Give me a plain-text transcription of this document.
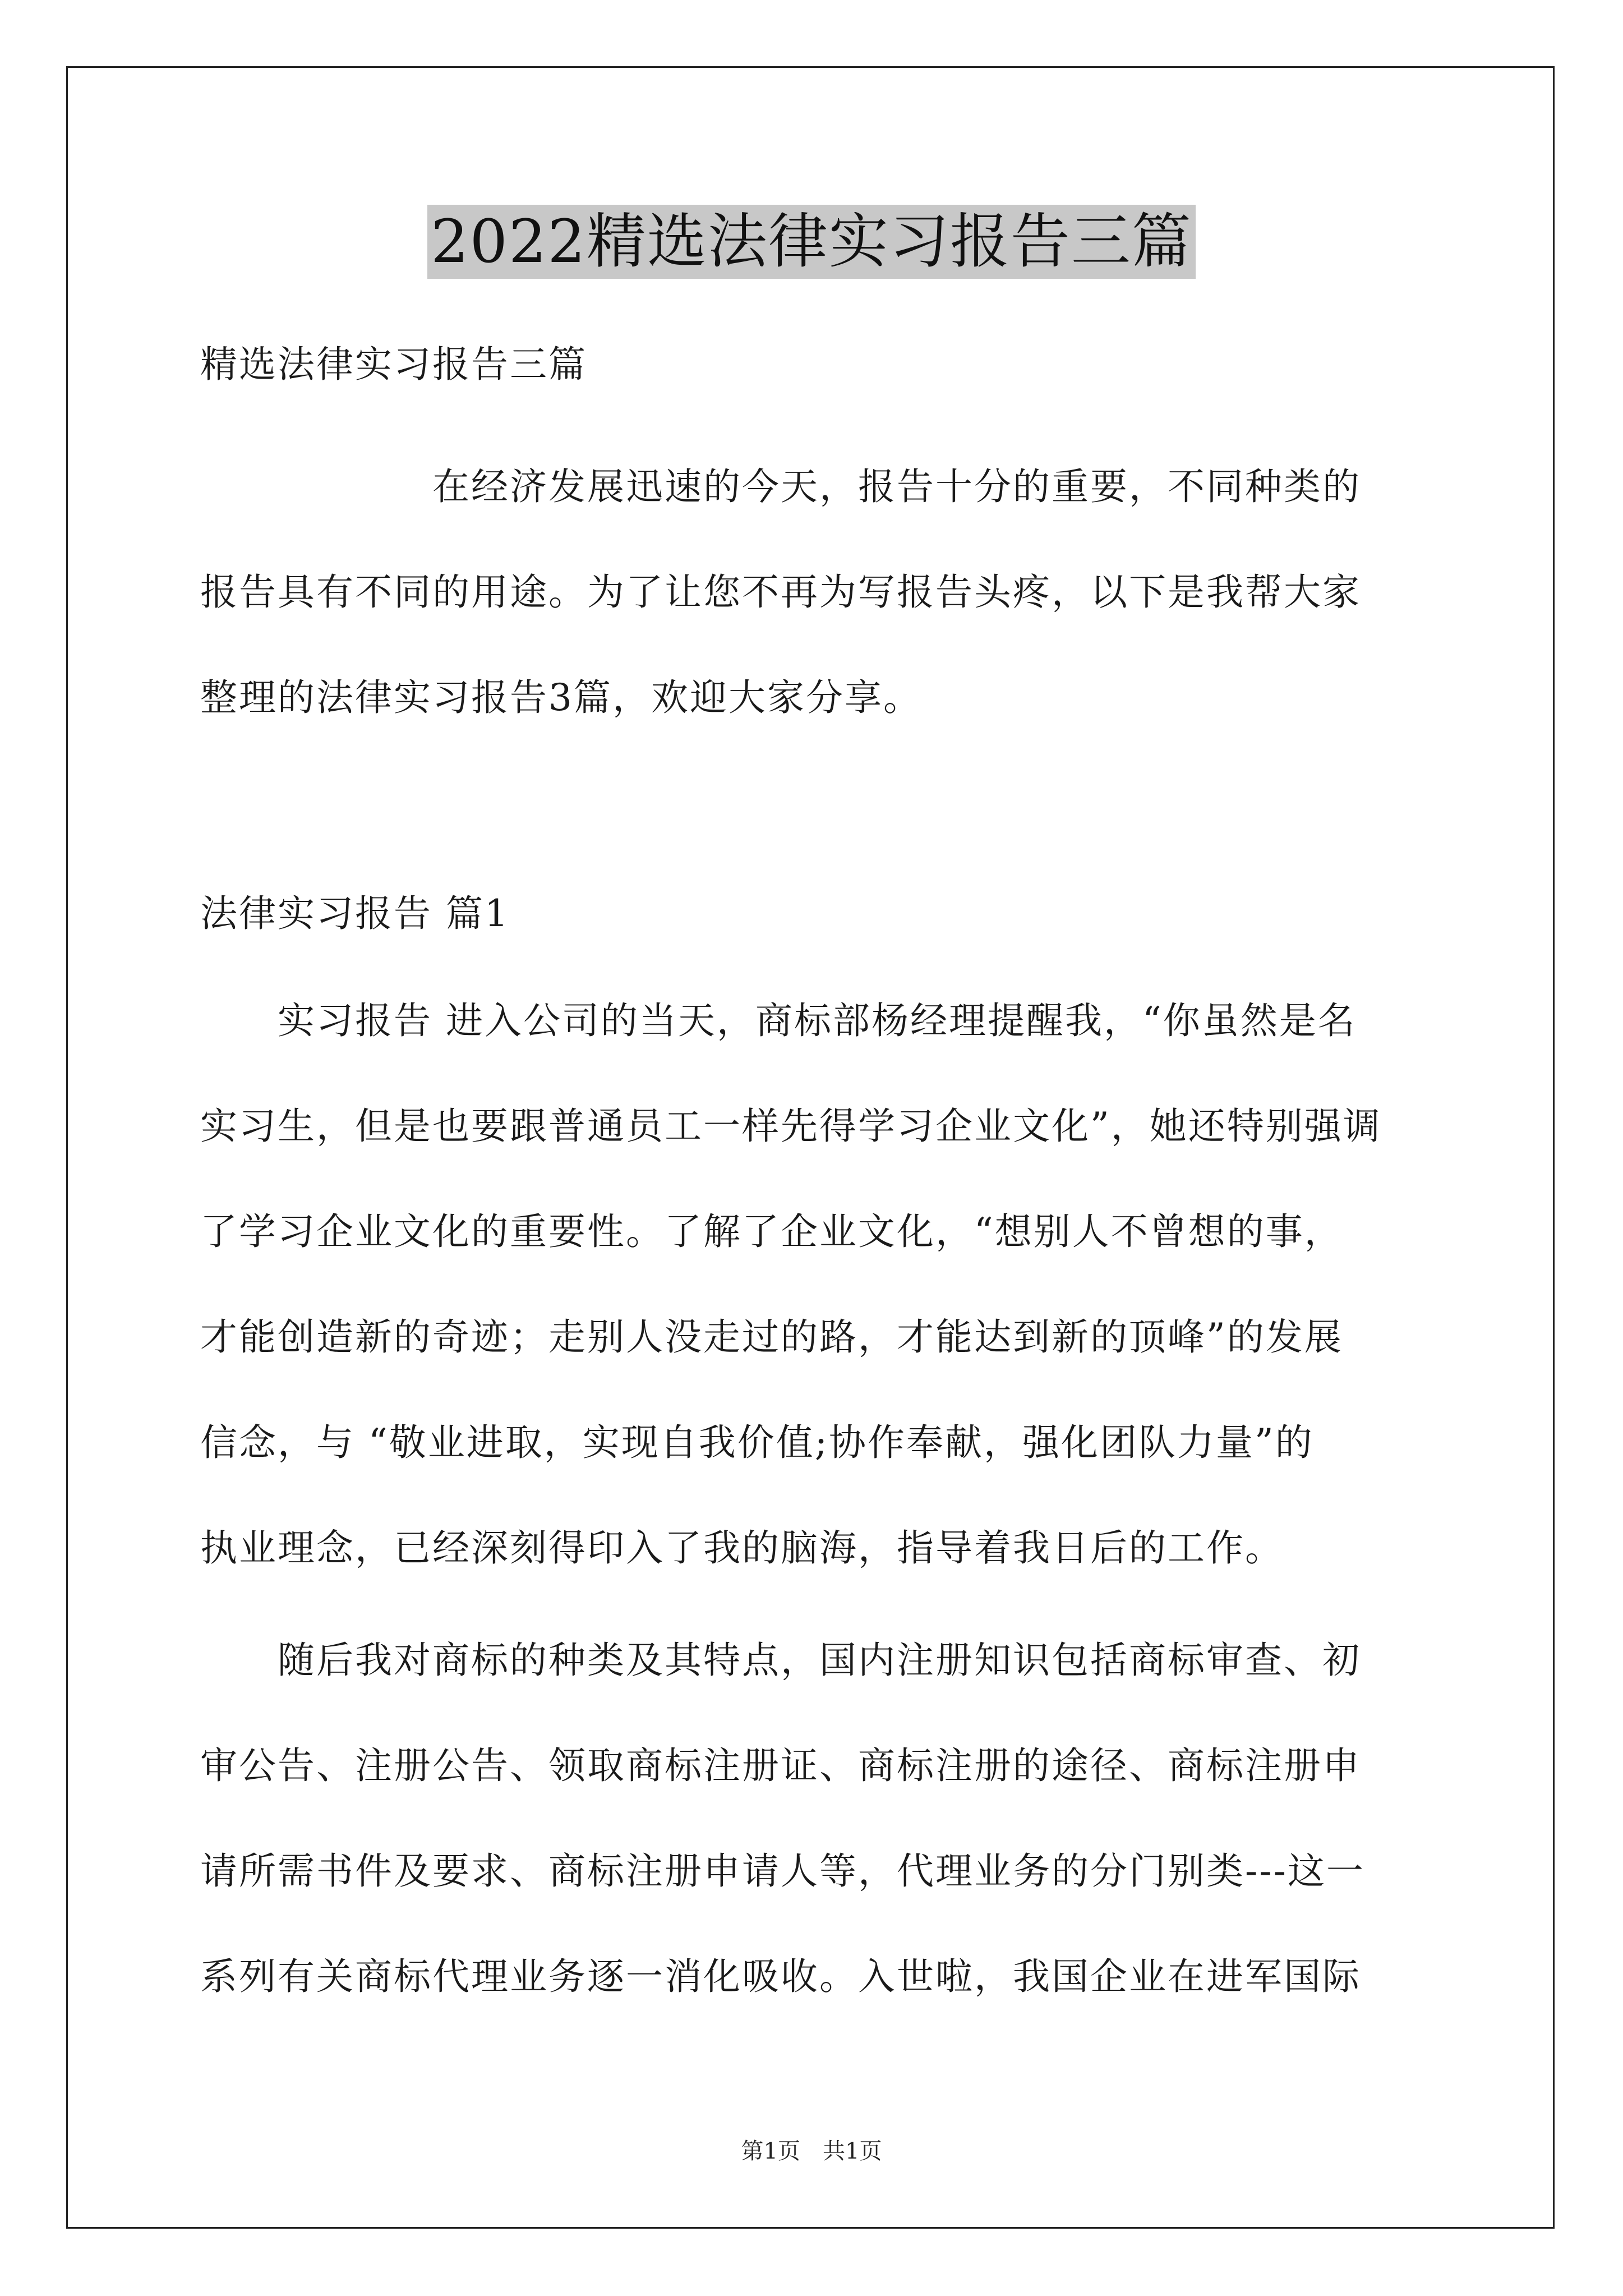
2022精选法律实习报告三篇

精选法律实习报告三篇

　　　　　　在经济发展迅速的今天，报告十分的重要，不同种类的

报告具有不同的用途。为了让您不再为写报告头疼，以下是我帮大家

整理的法律实习报告3篇，欢迎大家分享。

法律实习报告 篇1

　　实习报告 进入公司的当天，商标部杨经理提醒我，“你虽然是名

实习生，但是也要跟普通员工一样先得学习企业文化”，她还特别强调

了学习企业文化的重要性。了解了企业文化，“想别人不曾想的事，

才能创造新的奇迹；走别人没走过的路，才能达到新的顶峰”的发展

信念，与 “敬业进取，实现自我价值;协作奉献，强化团队力量”的

执业理念，已经深刻得印入了我的脑海，指导着我日后的工作。

　　随后我对商标的种类及其特点，国内注册知识包括商标审查、初

审公告、注册公告、领取商标注册证、商标注册的途径、商标注册申

请所需书件及要求、商标注册申请人等，代理业务的分门别类---这一

系列有关商标代理业务逐一消化吸收。入世啦，我国企业在进军国际

第1页　共1页
